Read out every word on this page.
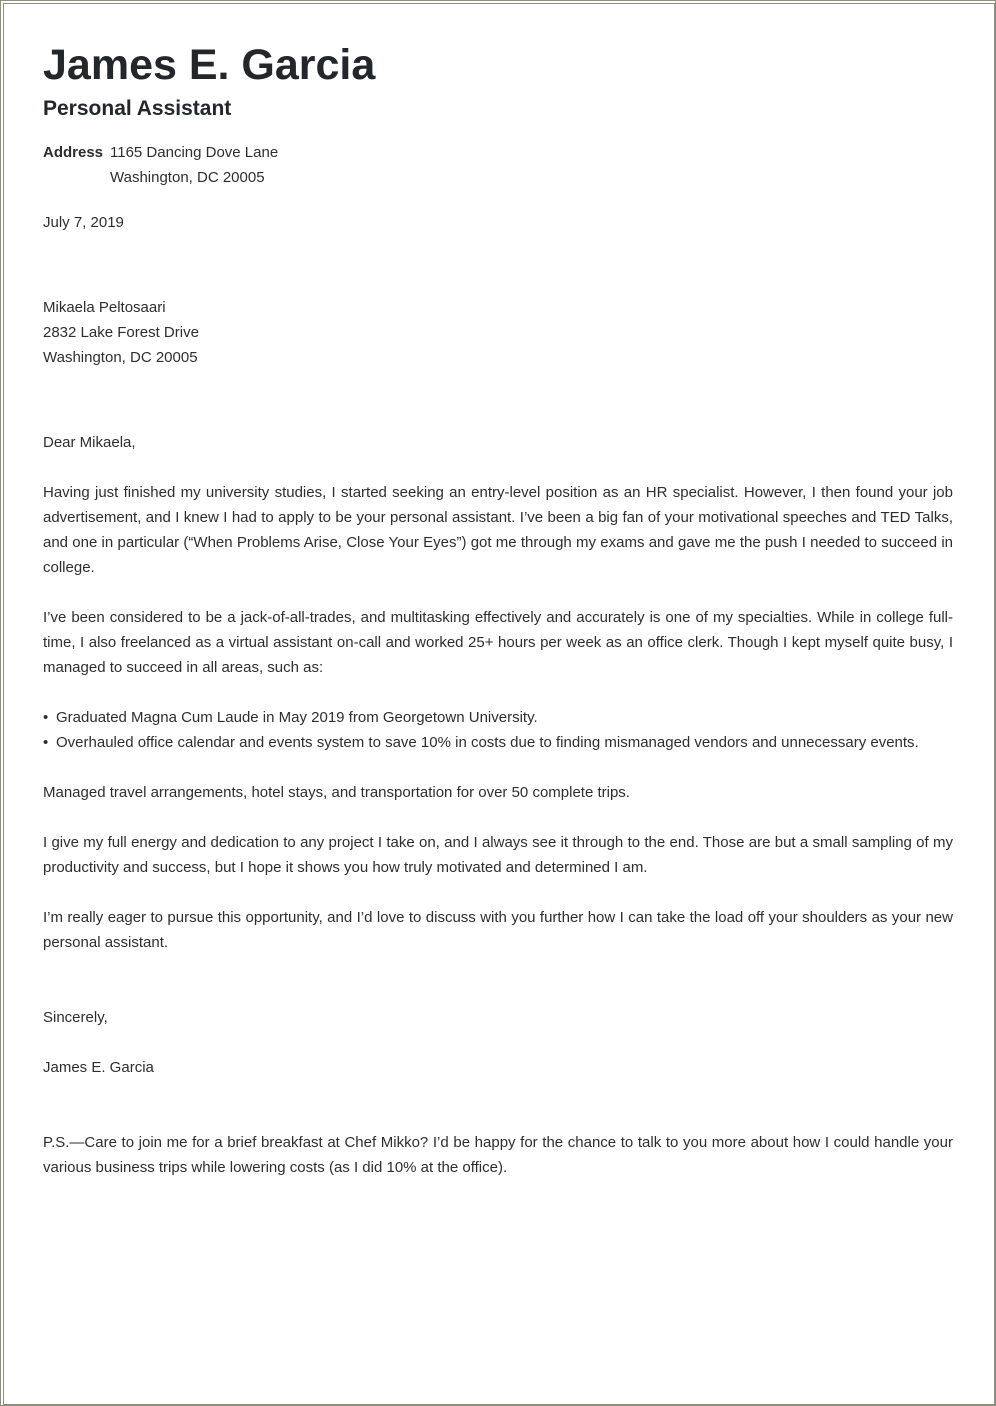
James E. Garcia
Personal Assistant
Address 1165 Dancing Dove Lane
Washington, DC 20005
July 7, 2019
Mikaela Peltosaari
2832 Lake Forest Drive
Washington, DC 20005
Dear Mikaela,

Having just finished my university studies, I started seeking an entry-level position as an HR specialist. However, I then found your job advertisement, and I knew I had to apply to be your personal assistant. I’ve been a big fan of your motivational speeches and TED Talks, and one in particular (“When Problems Arise, Close Your Eyes”) got me through my exams and gave me the push I needed to succeed in college.

I’ve been considered to be a jack-of-all-trades, and multitasking effectively and accurately is one of my specialties. While in college full-time, I also freelanced as a virtual assistant on-call and worked 25+ hours per week as an office clerk. Though I kept myself quite busy, I managed to succeed in all areas, such as:

• Graduated Magna Cum Laude in May 2019 from Georgetown University.
• Overhauled office calendar and events system to save 10% in costs due to finding mismanaged vendors and unnecessary events.

Managed travel arrangements, hotel stays, and transportation for over 50 complete trips.

I give my full energy and dedication to any project I take on, and I always see it through to the end. Those are but a small sampling of my productivity and success, but I hope it shows you how truly motivated and determined I am.

I’m really eager to pursue this opportunity, and I’d love to discuss with you further how I can take the load off your shoulders as your new personal assistant.

Sincerely,
James E. Garcia

P.S.—Care to join me for a brief breakfast at Chef Mikko? I’d be happy for the chance to talk to you more about how I could handle your various business trips while lowering costs (as I did 10% at the office).
